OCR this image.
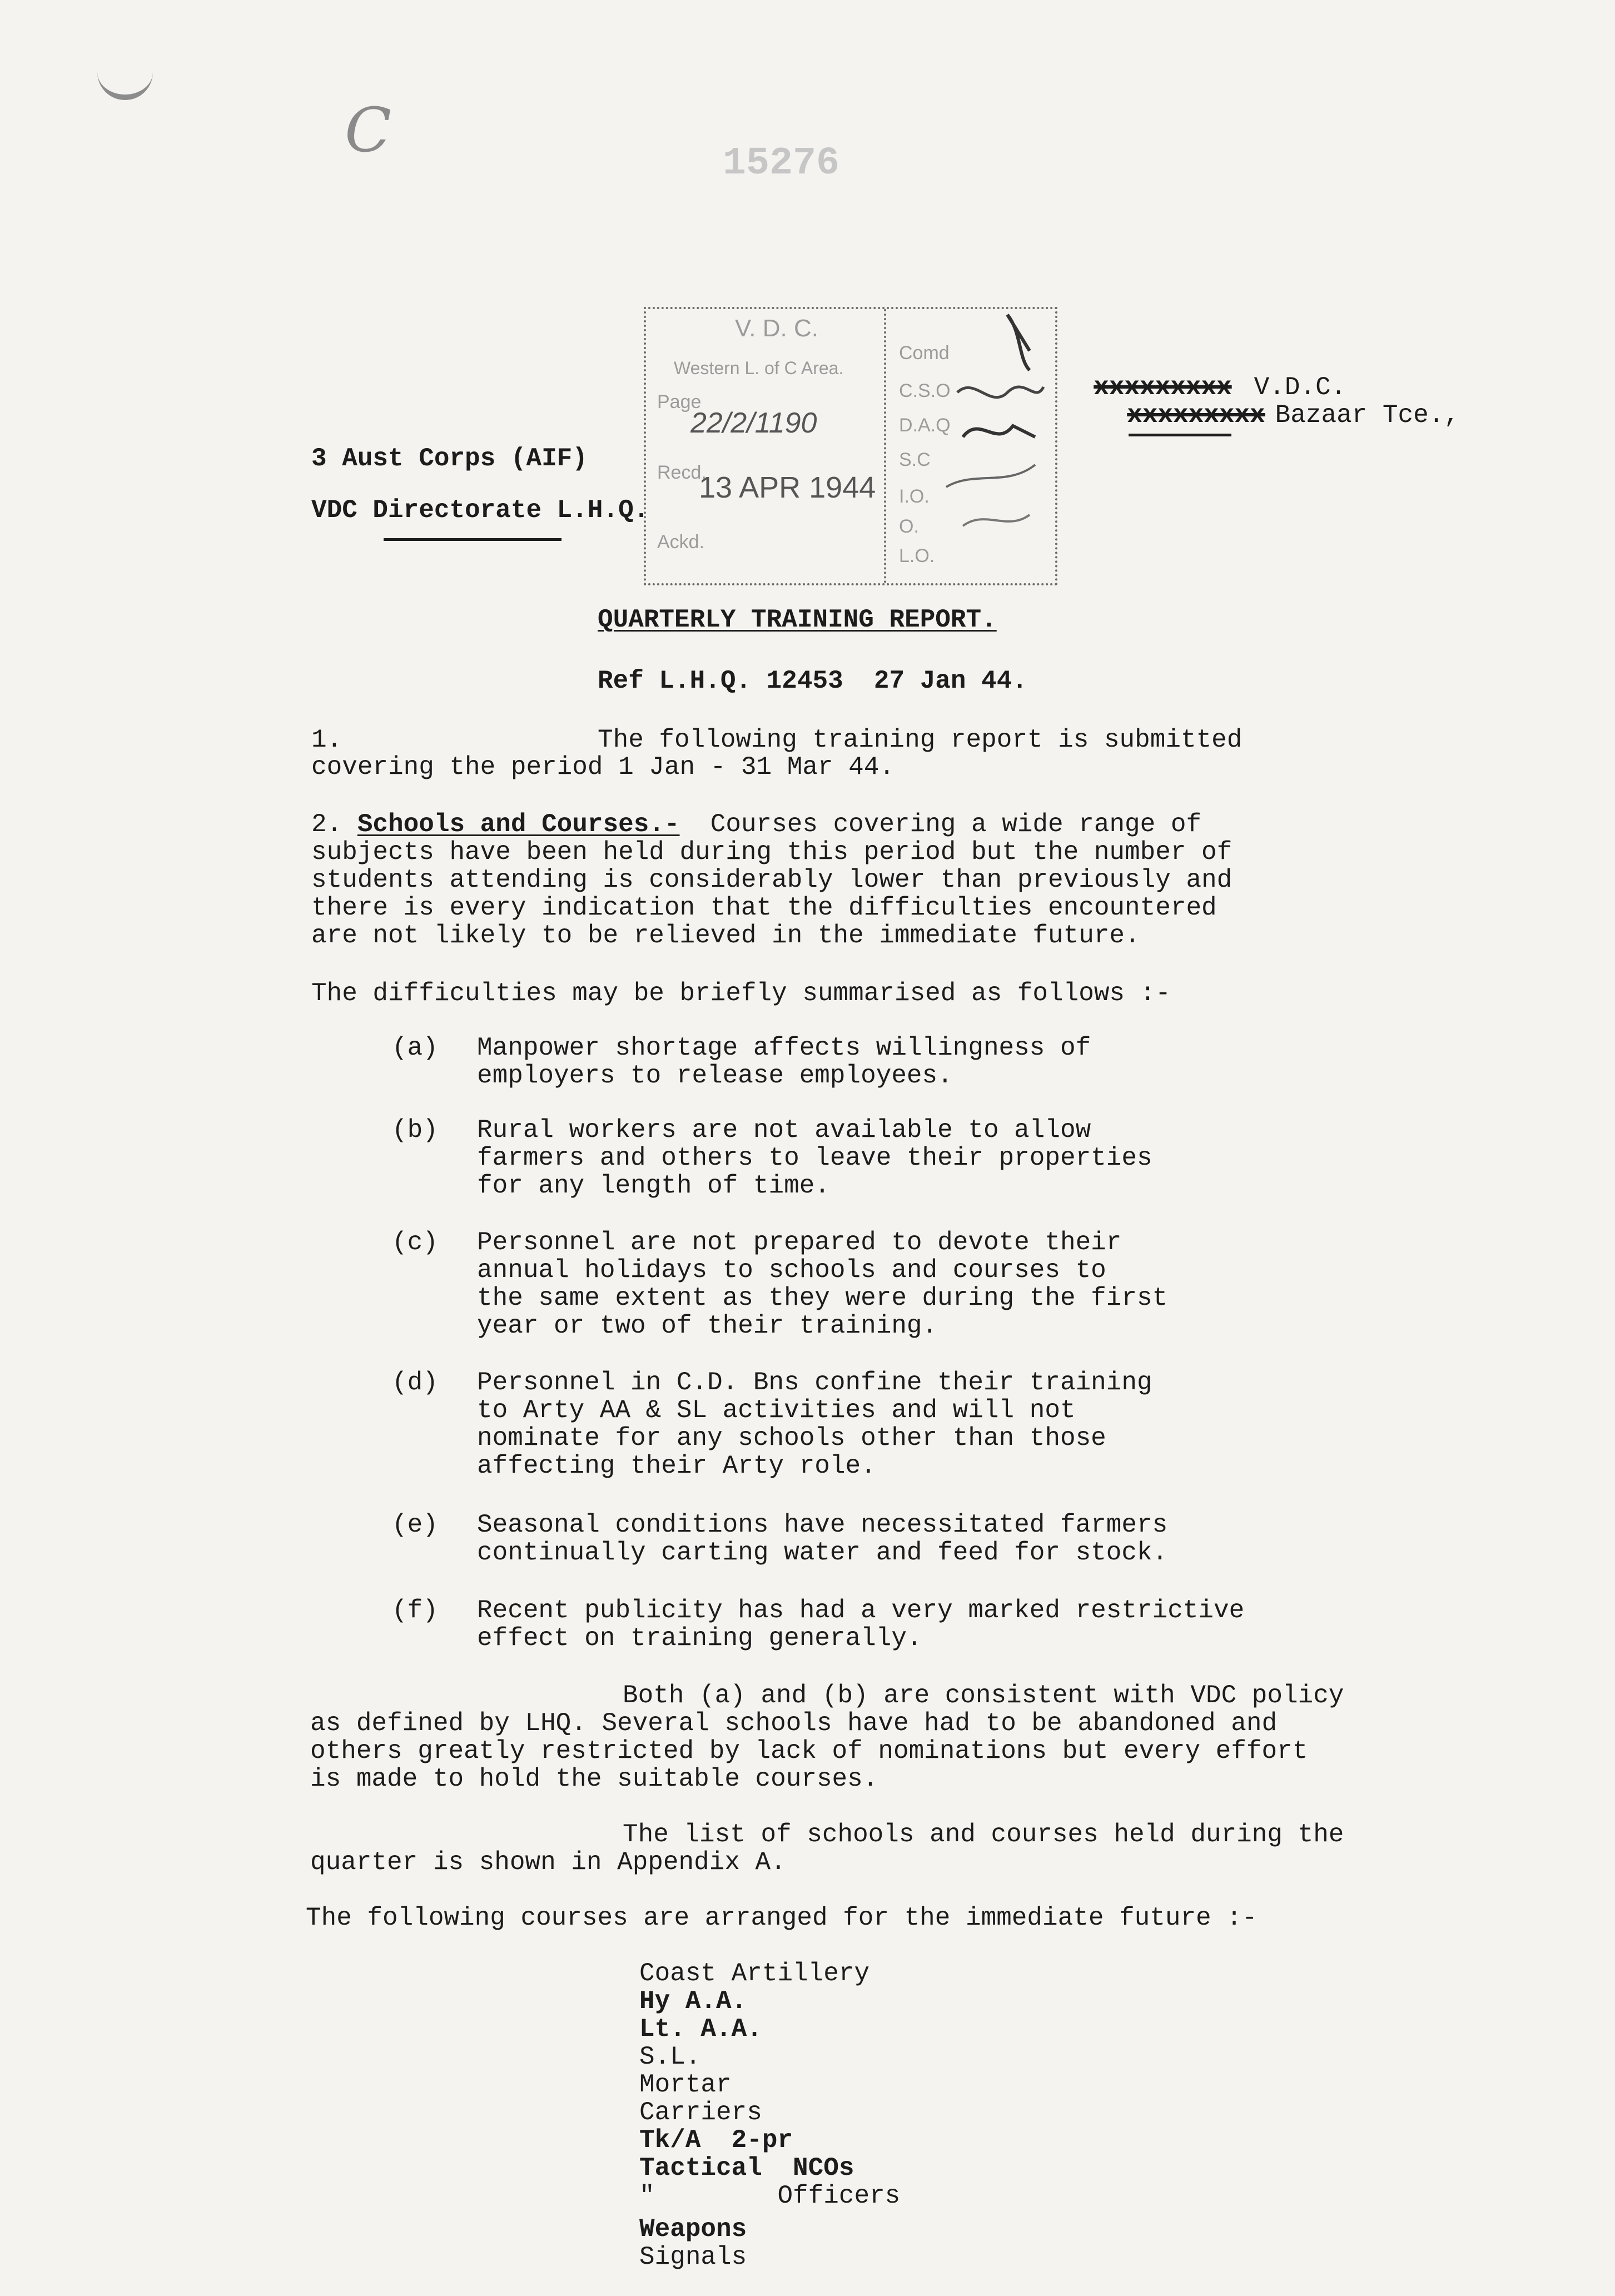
C	15276
V. D. C.
Western L. of C Area.
Page
22/2/1190
Recd.
13 APR 1944
Ackd.
Comd
C.S.O
D.A.Q
S.C
I.O.
O.
L.O.

xxxxxxxxx V.D.C.

xxxxxxxxx Bazaar Tce.,

3 Aust Corps (AIF)
VDC Directorate L.H.Q.
QUARTERLY TRAINING REPORT.
Ref L.H.Q. 12453  27 Jan 44.
1.	The following training report is submitted
covering the period 1 Jan - 31 Mar 44.
2. Schools and Courses.-  Courses covering a wide range of
subjects have been held during this period but the number of
students attending is considerably lower than previously and
there is every indication that the difficulties encountered
are not likely to be relieved in the immediate future.
The difficulties may be briefly summarised as follows :-
(a) Manpower shortage affects willingness of
employers to release employees.
(b) Rural workers are not available to allow
farmers and others to leave their properties
for any length of time.
(c) Personnel are not prepared to devote their
annual holidays to schools and courses to
the same extent as they were during the first
year or two of their training.
(d) Personnel in C.D. Bns confine their training
to Arty AA & SL activities and will not
nominate for any schools other than those
affecting their Arty role.
(e) Seasonal conditions have necessitated farmers
continually carting water and feed for stock.
(f) Recent publicity has had a very marked restrictive
effect on training generally.
Both (a) and (b) are consistent with VDC policy
as defined by LHQ. Several schools have had to be abandoned and
others greatly restricted by lack of nominations but every effort
is made to hold the suitable courses.
The list of schools and courses held during the
quarter is shown in Appendix A.
The following courses are arranged for the immediate future :-
Coast Artillery
Hy A.A.
Lt. A.A.
S.L.
Mortar
Carriers
Tk/A  2-pr
Tactical  NCOs
"        Officers
Weapons
Signals
